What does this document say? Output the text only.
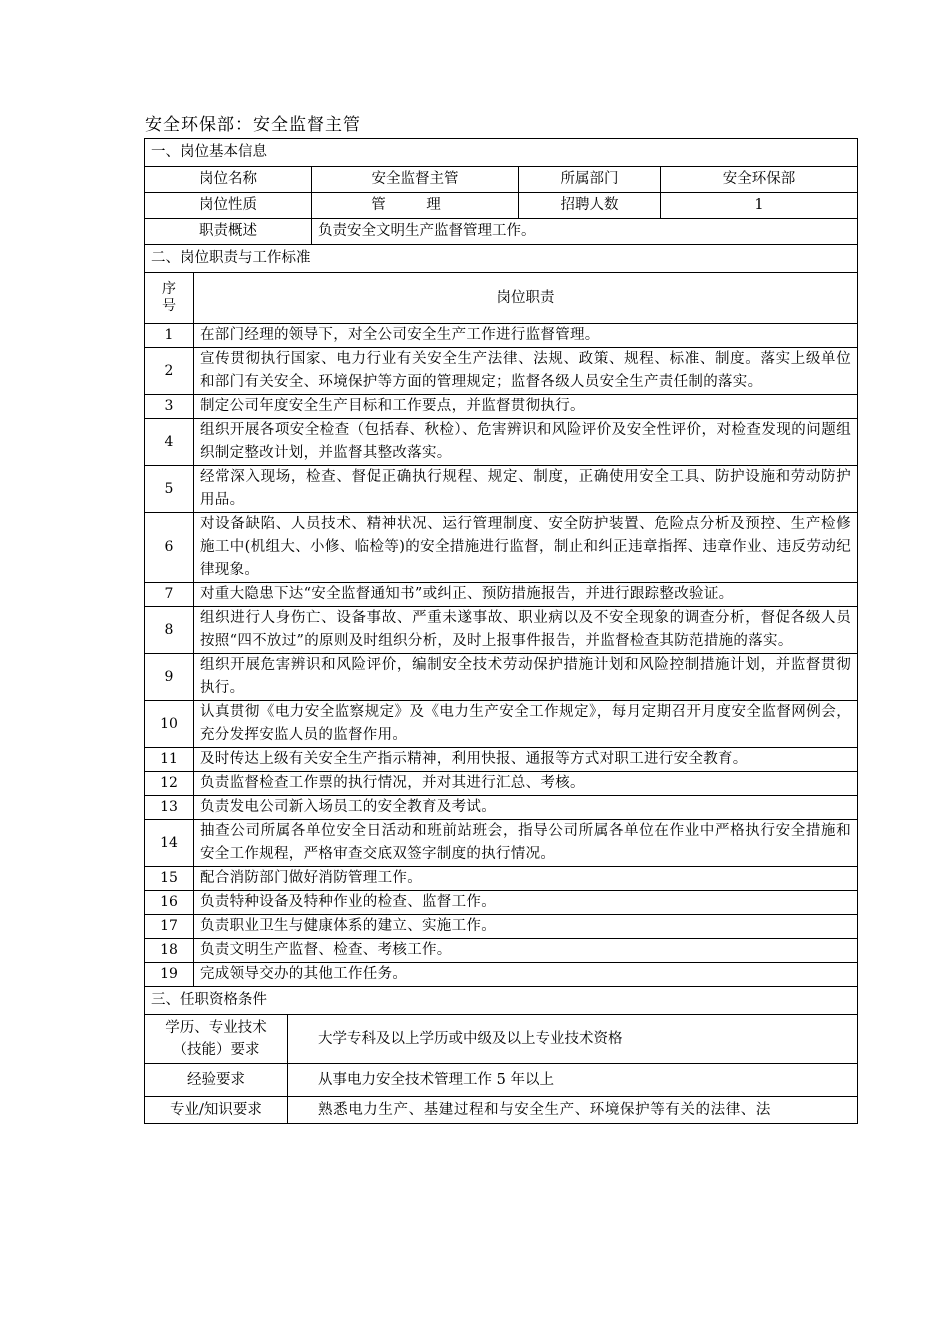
安全环保部：安全监督主管
一、岗位基本信息					
岗位名称			安全监督主管	所属部门	安全环保部
岗位性质			管 理	招聘人数	1
职责概述			负责安全文明生产监督管理工作。		
二、岗位职责与工作标准					
序号	岗位职责				
1	在部门经理的领导下，对全公司安全生产工作进行监督管理。				
2	宣传贯彻执行国家、电力行业有关安全生产法律、法规、政策、规程、标准、制度。落实上级单位和部门有关安全、环境保护等方面的管理规定；监督各级人员安全生产责任制的落实。				
3	制定公司年度安全生产目标和工作要点，并监督贯彻执行。				
4	组织开展各项安全检查（包括春、秋检）、危害辨识和风险评价及安全性评价，对检查发现的问题组织制定整改计划，并监督其整改落实。				
5	经常深入现场，检查、督促正确执行规程、规定、制度，正确使用安全工具、防护设施和劳动防护用品。				
6	对设备缺陷、人员技术、精神状况、运行管理制度、安全防护装置、危险点分析及预控、生产检修施工中(机组大、小修、临检等)的安全措施进行监督，制止和纠正违章指挥、违章作业、违反劳动纪律现象。				
7	对重大隐患下达“安全监督通知书”或纠正、预防措施报告，并进行跟踪整改验证。				
8	组织进行人身伤亡、设备事故、严重未遂事故、职业病以及不安全现象的调查分析，督促各级人员按照“四不放过”的原则及时组织分析，及时上报事件报告，并监督检查其防范措施的落实。				
9	组织开展危害辨识和风险评价，编制安全技术劳动保护措施计划和风险控制措施计划，并监督贯彻执行。				
10	认真贯彻《电力安全监察规定》及《电力生产安全工作规定》，每月定期召开月度安全监督网例会，充分发挥安监人员的监督作用。				
11	及时传达上级有关安全生产指示精神，利用快报、通报等方式对职工进行安全教育。				
12	负责监督检查工作票的执行情况，并对其进行汇总、考核。				
13	负责发电公司新入场员工的安全教育及考试。				
14	抽查公司所属各单位安全日活动和班前站班会，指导公司所属各单位在作业中严格执行安全措施和安全工作规程，严格审查交底双签字制度的执行情况。				
15	配合消防部门做好消防管理工作。				
16	负责特种设备及特种作业的检查、监督工作。				
17	负责职业卫生与健康体系的建立、实施工作。				
18	负责文明生产监督、检查、考核工作。				
19	完成领导交办的其他工作任务。				
三、任职资格条件					
学历、专业技术（技能）要求		大学专科及以上学历或中级及以上专业技术资格			
经验要求		从事电力安全技术管理工作 5 年以上			
专业/知识要求		熟悉电力生产、基建过程和与安全生产、环境保护等有关的法律、法			
